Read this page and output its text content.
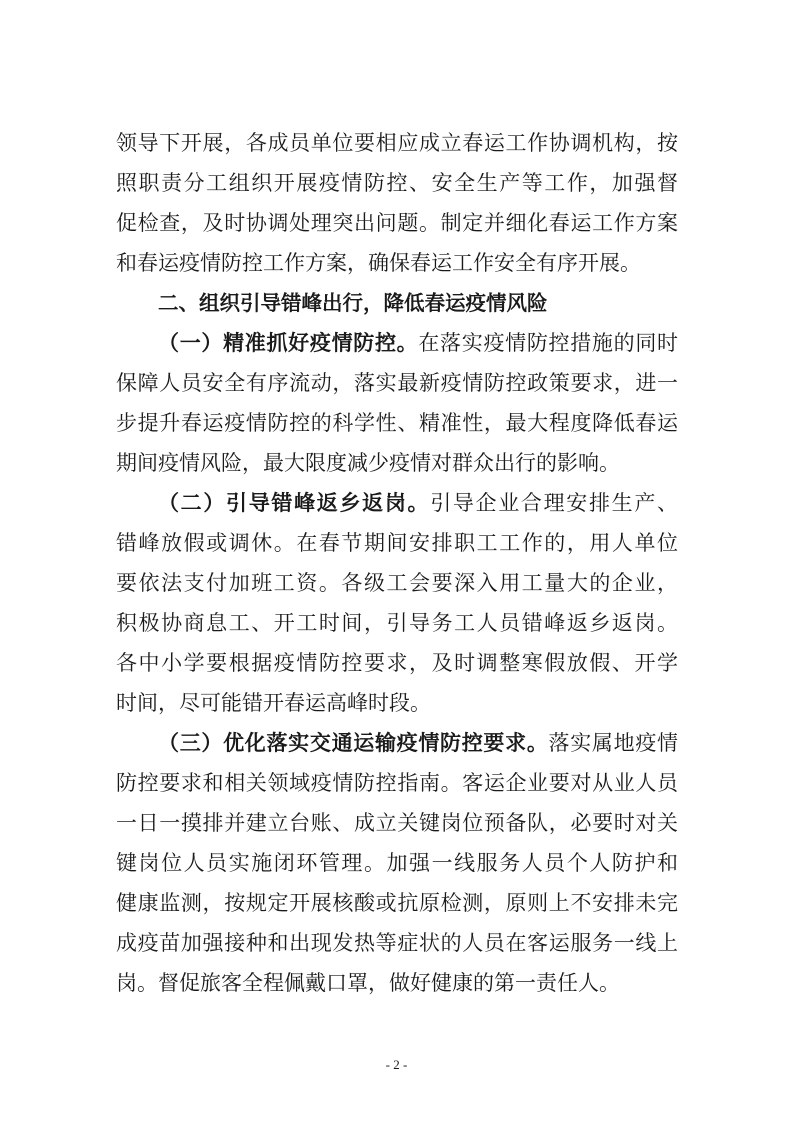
领导下开展，各成员单位要相应成立春运工作协调机构，按
照职责分工组织开展疫情防控、安全生产等工作，加强督
促检查，及时协调处理突出问题。制定并细化春运工作方案
和春运疫情防控工作方案，确保春运工作安全有序开展。
二、组织引导错峰出行，降低春运疫情风险
（一）精准抓好疫情防控。在落实疫情防控措施的同时
保障人员安全有序流动，落实最新疫情防控政策要求，进一
步提升春运疫情防控的科学性、精准性，最大程度降低春运
期间疫情风险，最大限度减少疫情对群众出行的影响。
（二）引导错峰返乡返岗。引导企业合理安排生产、
错峰放假或调休。在春节期间安排职工工作的，用人单位
要依法支付加班工资。各级工会要深入用工量大的企业，
积极协商息工、开工时间，引导务工人员错峰返乡返岗。
各中小学要根据疫情防控要求，及时调整寒假放假、开学
时间，尽可能错开春运高峰时段。
（三）优化落实交通运输疫情防控要求。落实属地疫情
防控要求和相关领域疫情防控指南。客运企业要对从业人员
一日一摸排并建立台账、成立关键岗位预备队，必要时对关
键岗位人员实施闭环管理。加强一线服务人员个人防护和
健康监测，按规定开展核酸或抗原检测，原则上不安排未完
成疫苗加强接种和出现发热等症状的人员在客运服务一线上
岗。督促旅客全程佩戴口罩，做好健康的第一责任人。
- 2 -
